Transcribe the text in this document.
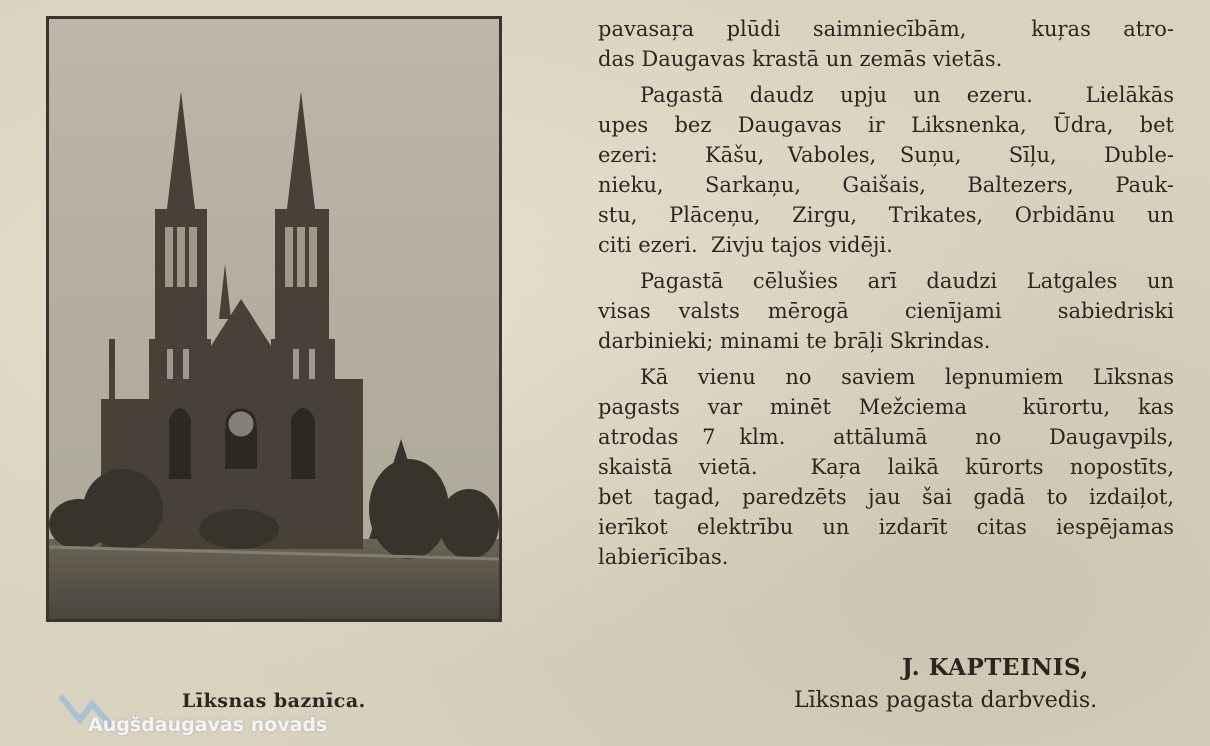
Līksnas baznīca.
pavasaŗa plūdi saimniecībām,  kuŗas atro-
das Daugavas krastā un zemās vietās.
Pagastā daudz upju un ezeru.  Lielākās
upes bez Daugavas ir Liksnenka, Ūdra, bet
ezeri:  Kāšu, Vaboles, Suņu,  Sīļu,  Duble-
nieku, Sarkaņu, Gaišais, Baltezers, Pauk-
stu, Plāceņu, Zirgu, Trikates, Orbidānu un
citi ezeri.  Zivju tajos vidēji.
Pagastā cēlušies arī daudzi Latgales un
visas valsts mērogā  cienījami  sabiedriski
darbinieki; minami te brāļi Skrindas.
Kā vienu no saviem lepnumiem Līksnas
pagasts var minēt Mežciema  kūrortu, kas
atrodas 7 klm.  attālumā  no  Daugavpils,
skaistā vietā.  Kaŗa laikā kūrorts nopostīts,
bet tagad, paredzēts jau šai gadā to izdaiļot,
ierīkot elektrību un izdarīt citas iespējamas
labierīcības.
J. KAPTEINIS,
Līksnas pagasta darbvedis.
Augšdaugavas novads
